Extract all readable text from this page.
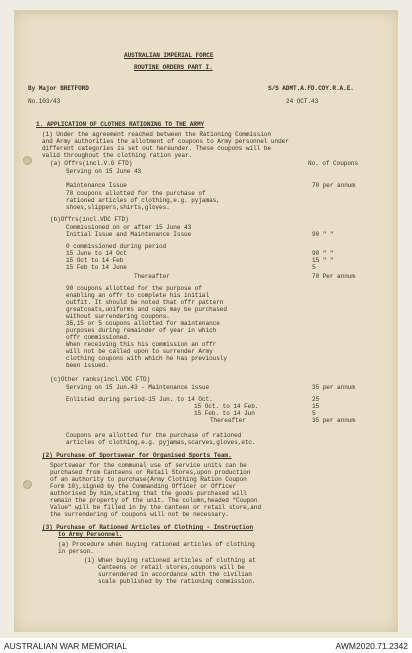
AUSTRALIAN IMPERIAL FORCE
ROUTINE ORDERS PART I.
By Major BRETFORD	S/S ADMT.A.FD.COY.R.A.E.
No.103/43	24 OCT.43
1. APPLICATION OF CLOTHES RATIONING TO THE ARMY
(1) Under the agreement reached between the Rationing Commission
and Army authorities the allotment of coupons to Army personnel under
different categories is set out hereunder. These coupons will be
valid throughout the clothing ration year.
(a) Offrs(incl.V.G FTD)	No. of Coupons
Serving on 15 June 43
Maintenance Issue	70 per annum
70 coupons allotted for the purchase of
rationed articles of clothing,e.g. pyjamas,
shoes,slippers,shirts,gloves.
(b)Offrs(incl.VDC FTD)
Commissioned on or after 15 June 43
Initial Issue and Maintenance Issue	90 " "
0 commissioned during period
15 June to 14 Oct	90 " "
15 Oct to 14 Feb	15 " "
15 Feb to 14 June	5
Thereafter	70 Per annum
90 coupons allotted for the purpose of
enabling an offr to complete his initial
outfit. It should be noted that offr pattern
greatcoats,uniforms and caps may be purchased
without surrendering coupons.
35,15 or 5 coupons allotted for maintenance
purposes during remainder of year in which
offr commissioned.
When receiving this his commission an offr
will not be called upon to surrender Army
clothing coupons with which he has previously
been issued.
(c)Other ranks(incl.VDC FTD)
Serving on 15 Jun.43 - Maintenance issue	35 per annum
Enlisted during period-15 Jun. to 14 Oct.	25
15 Oct. to 14 Feb.	15
15 Feb. to 14 Jun	5
Thereafter	35 per annum
Coupons are allotted for the purchase of rationed
articles of clothing,e.g. pyjamas,scarves,gloves,etc.
(2) Purchase of Sportswear for Organised Sports Team.
Sportswear for the communal use of service units can be
purchased from Canteens or Retail Stores,upon production
of an authority to purchase(Army Clothing Ration Coupon
Form 10),signed by the Commanding Officer or Officer
authorised by him,stating that the goods purchased will
remain the property of the unit. The column,headed "Coupon
Value" will be filled in by the canteen or retail store,and
the surrendering of coupons will not be necessary.
(3) Purchase of Rationed Articles of Clothing - Instruction
to Army Personnel.
(a) Procedure when buying rationed articles of clothing
in person.
(i) When buying rationed articles of clothing at
Canteens or retail stores,coupons will be
surrendered in accordance with the civilian
scale published by the rationing commission.
AUSTRALIAN WAR MEMORIAL	AWM2020.71.2342
